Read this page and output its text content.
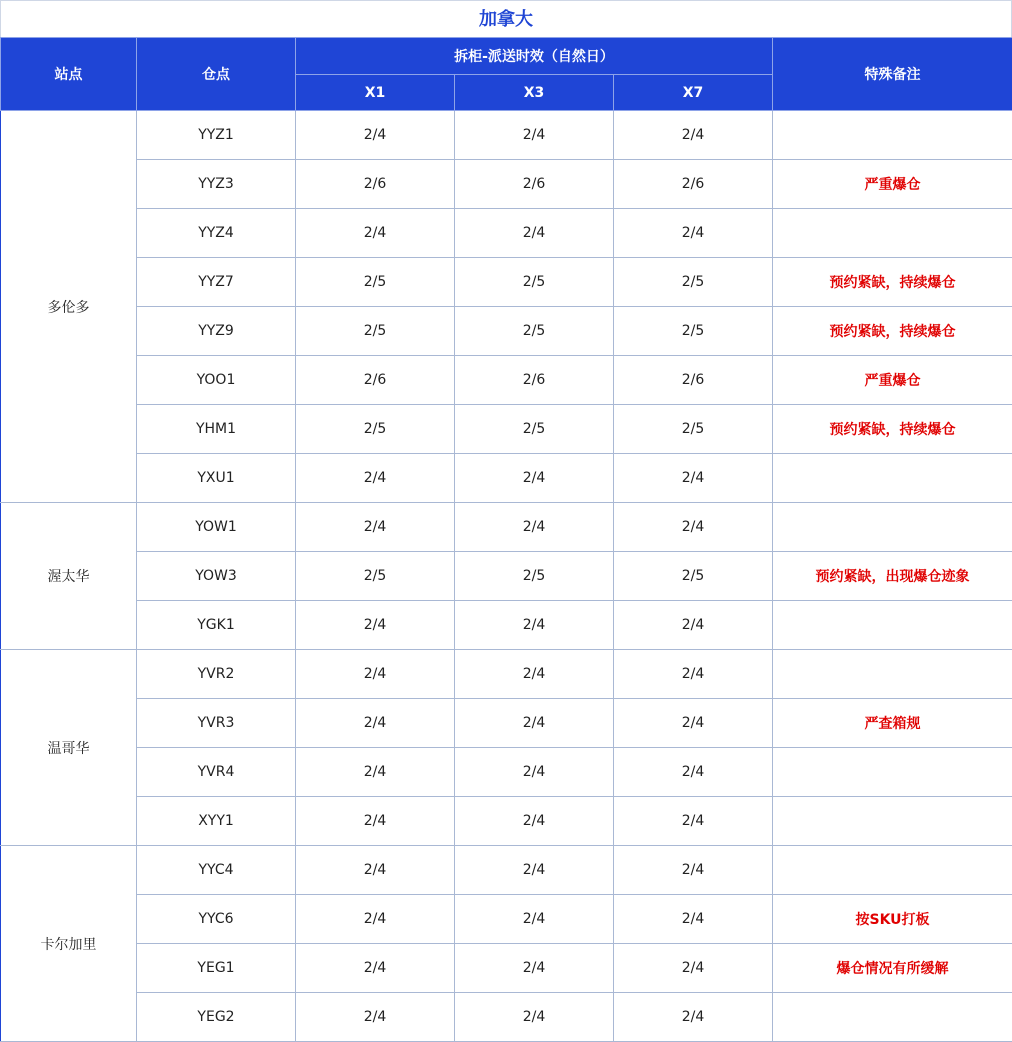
加拿大
站点	仓点	拆柜-派送时效（自然日）			特殊备注
		X1	X3	X7	
多伦多	YYZ1	2/4	2/4	2/4	
	YYZ3	2/6	2/6	2/6	严重爆仓
	YYZ4	2/4	2/4	2/4	
	YYZ7	2/5	2/5	2/5	预约紧缺，持续爆仓
	YYZ9	2/5	2/5	2/5	预约紧缺，持续爆仓
	YOO1	2/6	2/6	2/6	严重爆仓
	YHM1	2/5	2/5	2/5	预约紧缺，持续爆仓
	YXU1	2/4	2/4	2/4	
渥太华	YOW1	2/4	2/4	2/4	
	YOW3	2/5	2/5	2/5	预约紧缺，出现爆仓迹象
	YGK1	2/4	2/4	2/4	
温哥华	YVR2	2/4	2/4	2/4	
	YVR3	2/4	2/4	2/4	严查箱规
	YVR4	2/4	2/4	2/4	
	XYY1	2/4	2/4	2/4	
卡尔加里	YYC4	2/4	2/4	2/4	
	YYC6	2/4	2/4	2/4	按SKU打板
	YEG1	2/4	2/4	2/4	爆仓情况有所缓解
	YEG2	2/4	2/4	2/4	
